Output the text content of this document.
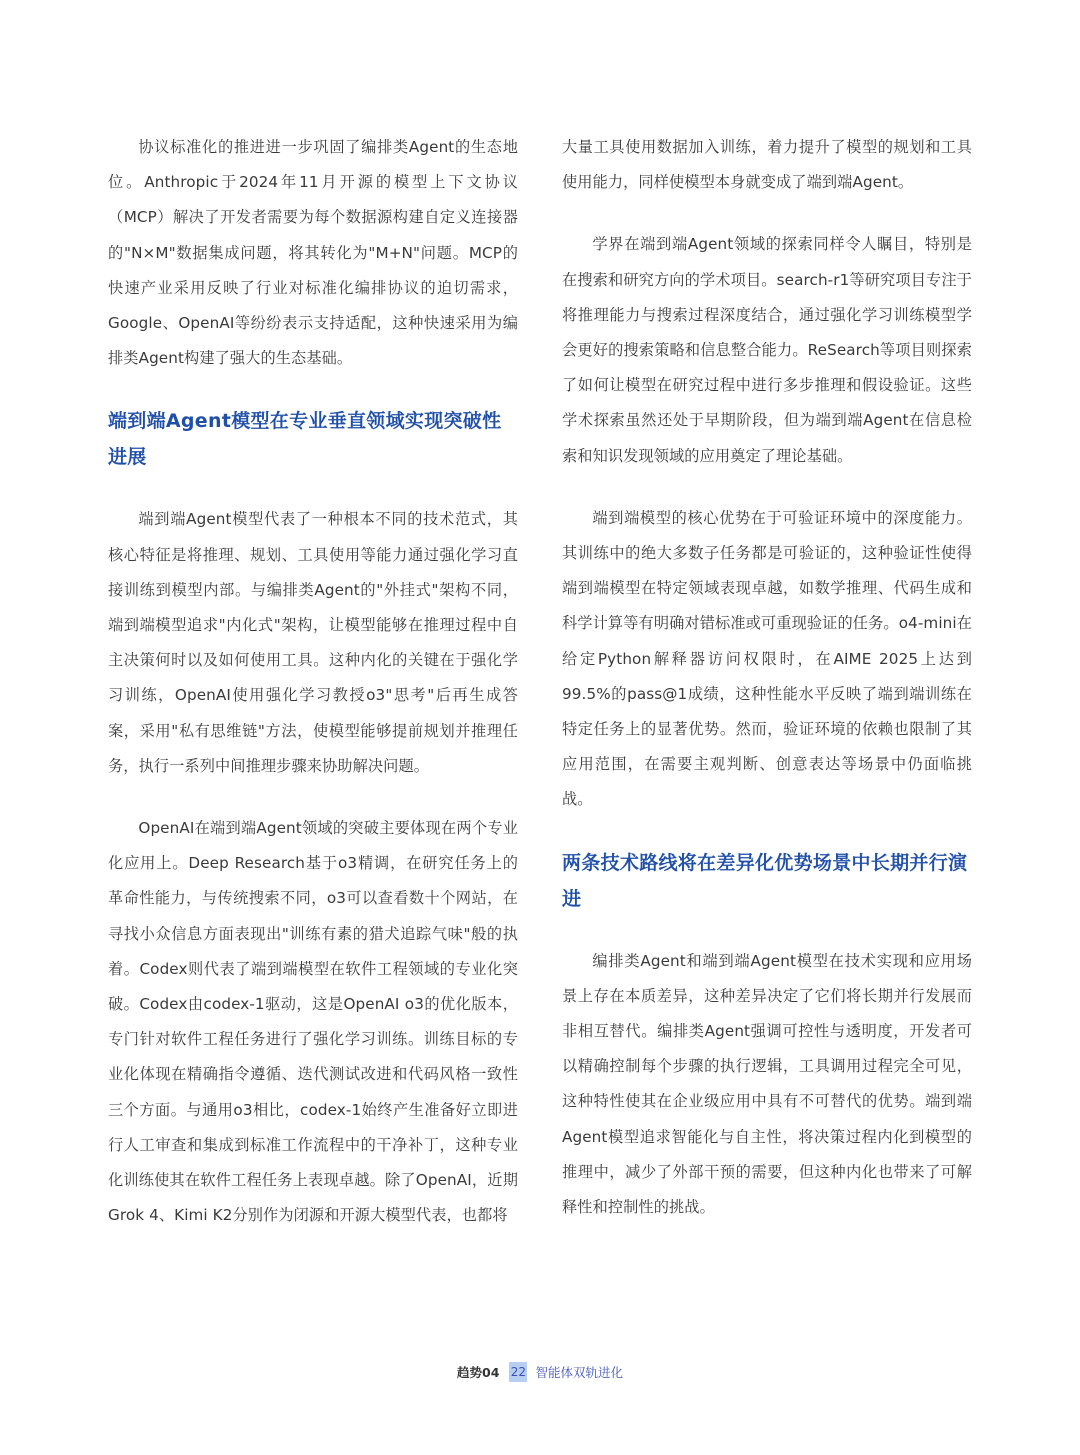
协议标准化的推进进一步巩固了编排类Agent的生态地位。Anthropic于2024年11月开源的模型上下文协议（MCP）解决了开发者需要为每个数据源构建自定义连接器的"N×M"数据集成问题，将其转化为"M+N"问题。MCP的快速产业采用反映了行业对标准化编排协议的迫切需求，Google、OpenAI等纷纷表示支持适配，这种快速采用为编排类Agent构建了强大的生态基础。

端到端Agent模型在专业垂直领域实现突破性进展

端到端Agent模型代表了一种根本不同的技术范式，其核心特征是将推理、规划、工具使用等能力通过强化学习直接训练到模型内部。与编排类Agent的"外挂式"架构不同，端到端模型追求"内化式"架构，让模型能够在推理过程中自主决策何时以及如何使用工具。这种内化的关键在于强化学习训练，OpenAI使用强化学习教授o3"思考"后再生成答案，采用"私有思维链"方法，使模型能够提前规划并推理任务，执行一系列中间推理步骤来协助解决问题。

OpenAI在端到端Agent领域的突破主要体现在两个专业化应用上。Deep Research基于o3精调，在研究任务上的革命性能力，与传统搜索不同，o3可以查看数十个网站，在寻找小众信息方面表现出"训练有素的猎犬追踪气味"般的执着。Codex则代表了端到端模型在软件工程领域的专业化突破。Codex由codex-1驱动，这是OpenAI o3的优化版本，专门针对软件工程任务进行了强化学习训练。训练目标的专业化体现在精确指令遵循、迭代测试改进和代码风格一致性三个方面。与通用o3相比，codex-1始终产生准备好立即进行人工审查和集成到标准工作流程中的干净补丁，这种专业化训练使其在软件工程任务上表现卓越。除了OpenAI，近期Grok 4、Kimi K2分别作为闭源和开源大模型代表，也都将

大量工具使用数据加入训练，着力提升了模型的规划和工具使用能力，同样使模型本身就变成了端到端Agent。

学界在端到端Agent领域的探索同样令人瞩目，特别是在搜索和研究方向的学术项目。search-r1等研究项目专注于将推理能力与搜索过程深度结合，通过强化学习训练模型学会更好的搜索策略和信息整合能力。ReSearch等项目则探索了如何让模型在研究过程中进行多步推理和假设验证。这些学术探索虽然还处于早期阶段，但为端到端Agent在信息检索和知识发现领域的应用奠定了理论基础。

端到端模型的核心优势在于可验证环境中的深度能力。其训练中的绝大多数子任务都是可验证的，这种验证性使得端到端模型在特定领域表现卓越，如数学推理、代码生成和科学计算等有明确对错标准或可重现验证的任务。o4-mini在给定Python解释器访问权限时，在AIME 2025上达到99.5%的pass@1成绩，这种性能水平反映了端到端训练在特定任务上的显著优势。然而，验证环境的依赖也限制了其应用范围，在需要主观判断、创意表达等场景中仍面临挑战。

两条技术路线将在差异化优势场景中长期并行演进

编排类Agent和端到端Agent模型在技术实现和应用场景上存在本质差异，这种差异决定了它们将长期并行发展而非相互替代。编排类Agent强调可控性与透明度，开发者可以精确控制每个步骤的执行逻辑，工具调用过程完全可见，这种特性使其在企业级应用中具有不可替代的优势。端到端Agent模型追求智能化与自主性，将决策过程内化到模型的推理中，减少了外部干预的需要，但这种内化也带来了可解释性和控制性的挑战。

趋势04 22 智能体双轨进化
